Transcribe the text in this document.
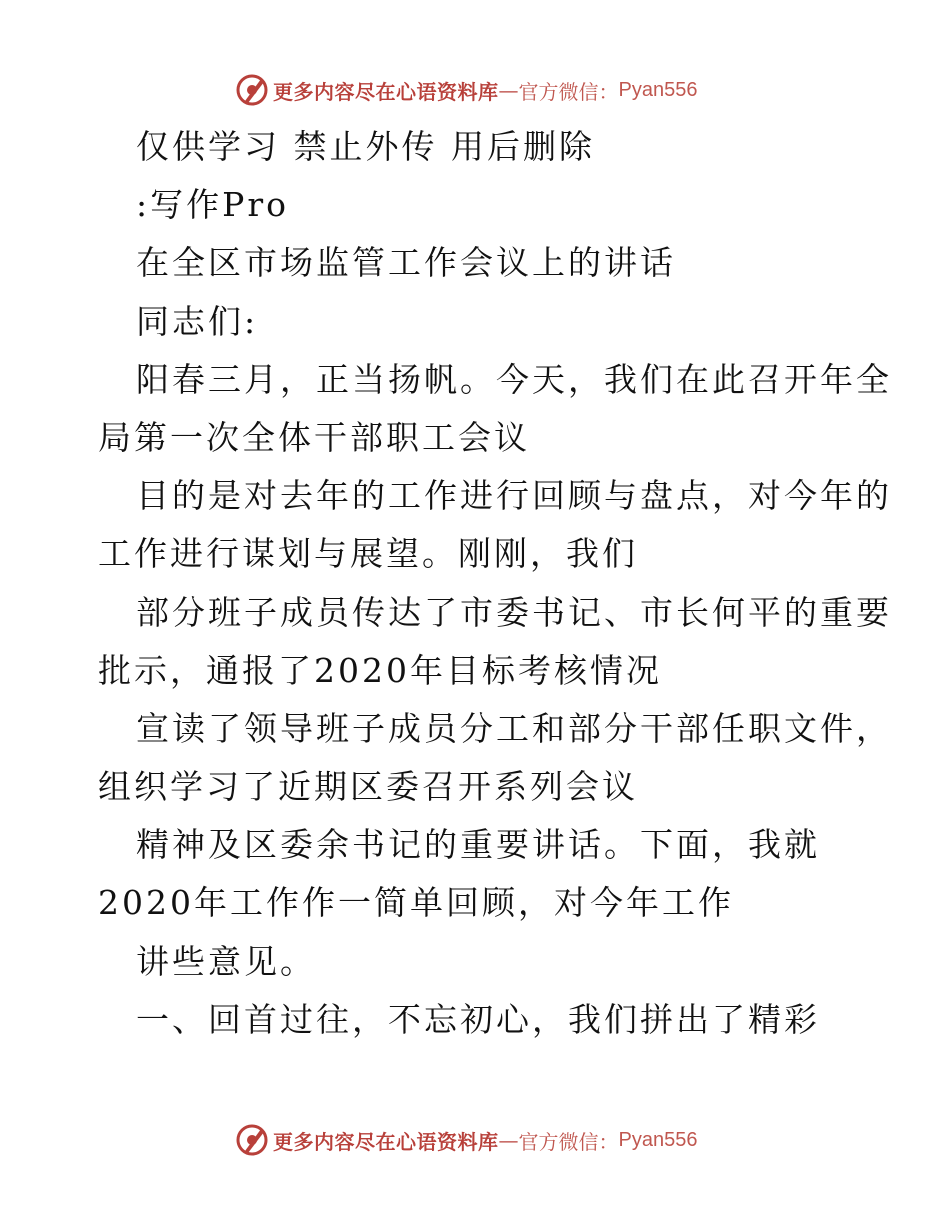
更多内容尽在心语资料库 — 官方微信： Pyan556
仅供学习 禁止外传 用后删除
:写作Pro
在全区市场监管工作会议上的讲话
同志们:
阳春三月，正当扬帆。今天，我们在此召开年全
局第一次全体干部职工会议
目的是对去年的工作进行回顾与盘点，对今年的
工作进行谋划与展望。刚刚，我们
部分班子成员传达了市委书记、市长何平的重要
批示，通报了2020年目标考核情况
宣读了领导班子成员分工和部分干部任职文件，
组织学习了近期区委召开系列会议
精神及区委余书记的重要讲话。下面，我就
2020年工作作一简单回顾，对今年工作
讲些意见。
一、回首过往，不忘初心，我们拼出了精彩
更多内容尽在心语资料库 — 官方微信： Pyan556
